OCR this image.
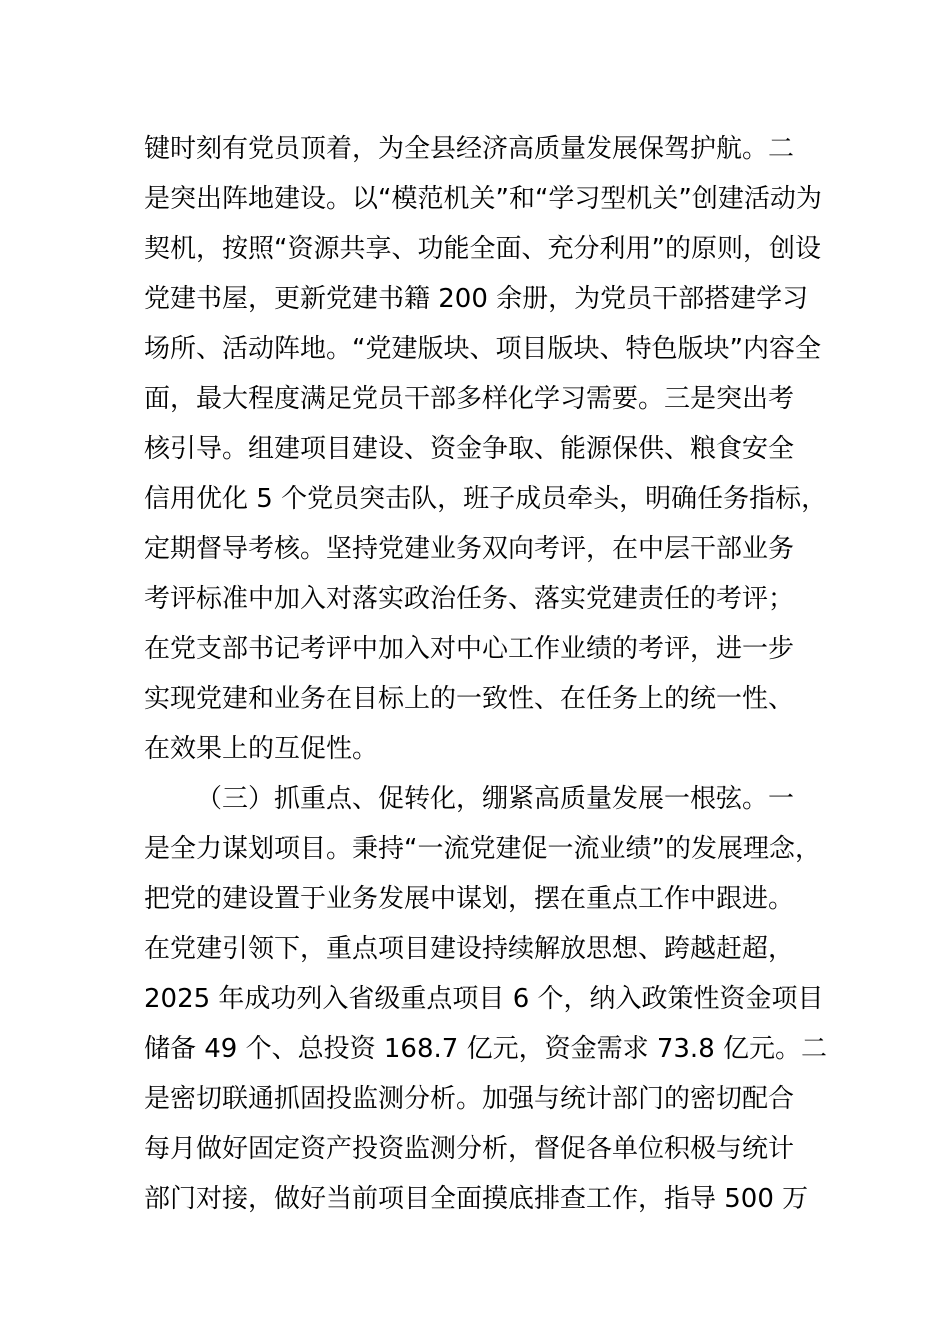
键时刻有党员顶着，为全县经济高质量发展保驾护航。二
是突出阵地建设。以“模范机关”和“学习型机关”创建活动为
契机，按照“资源共享、功能全面、充分利用”的原则，创设
党建书屋，更新党建书籍 200 余册，为党员干部搭建学习
场所、活动阵地。“党建版块、项目版块、特色版块”内容全
面，最大程度满足党员干部多样化学习需要。三是突出考
核引导。组建项目建设、资金争取、能源保供、粮食安全
信用优化 5 个党员突击队，班子成员牵头，明确任务指标，
定期督导考核。坚持党建业务双向考评，在中层干部业务
考评标准中加入对落实政治任务、落实党建责任的考评；
在党支部书记考评中加入对中心工作业绩的考评，进一步
实现党建和业务在目标上的一致性、在任务上的统一性、
在效果上的互促性。
（三）抓重点、促转化，绷紧高质量发展一根弦。一
是全力谋划项目。秉持“一流党建促一流业绩”的发展理念，
把党的建设置于业务发展中谋划，摆在重点工作中跟进。
在党建引领下，重点项目建设持续解放思想、跨越赶超，
2025 年成功列入省级重点项目 6 个，纳入政策性资金项目
储备 49 个、总投资 168.7 亿元，资金需求 73.8 亿元。二
是密切联通抓固投监测分析。加强与统计部门的密切配合
每月做好固定资产投资监测分析，督促各单位积极与统计
部门对接，做好当前项目全面摸底排查工作，指导 500 万
